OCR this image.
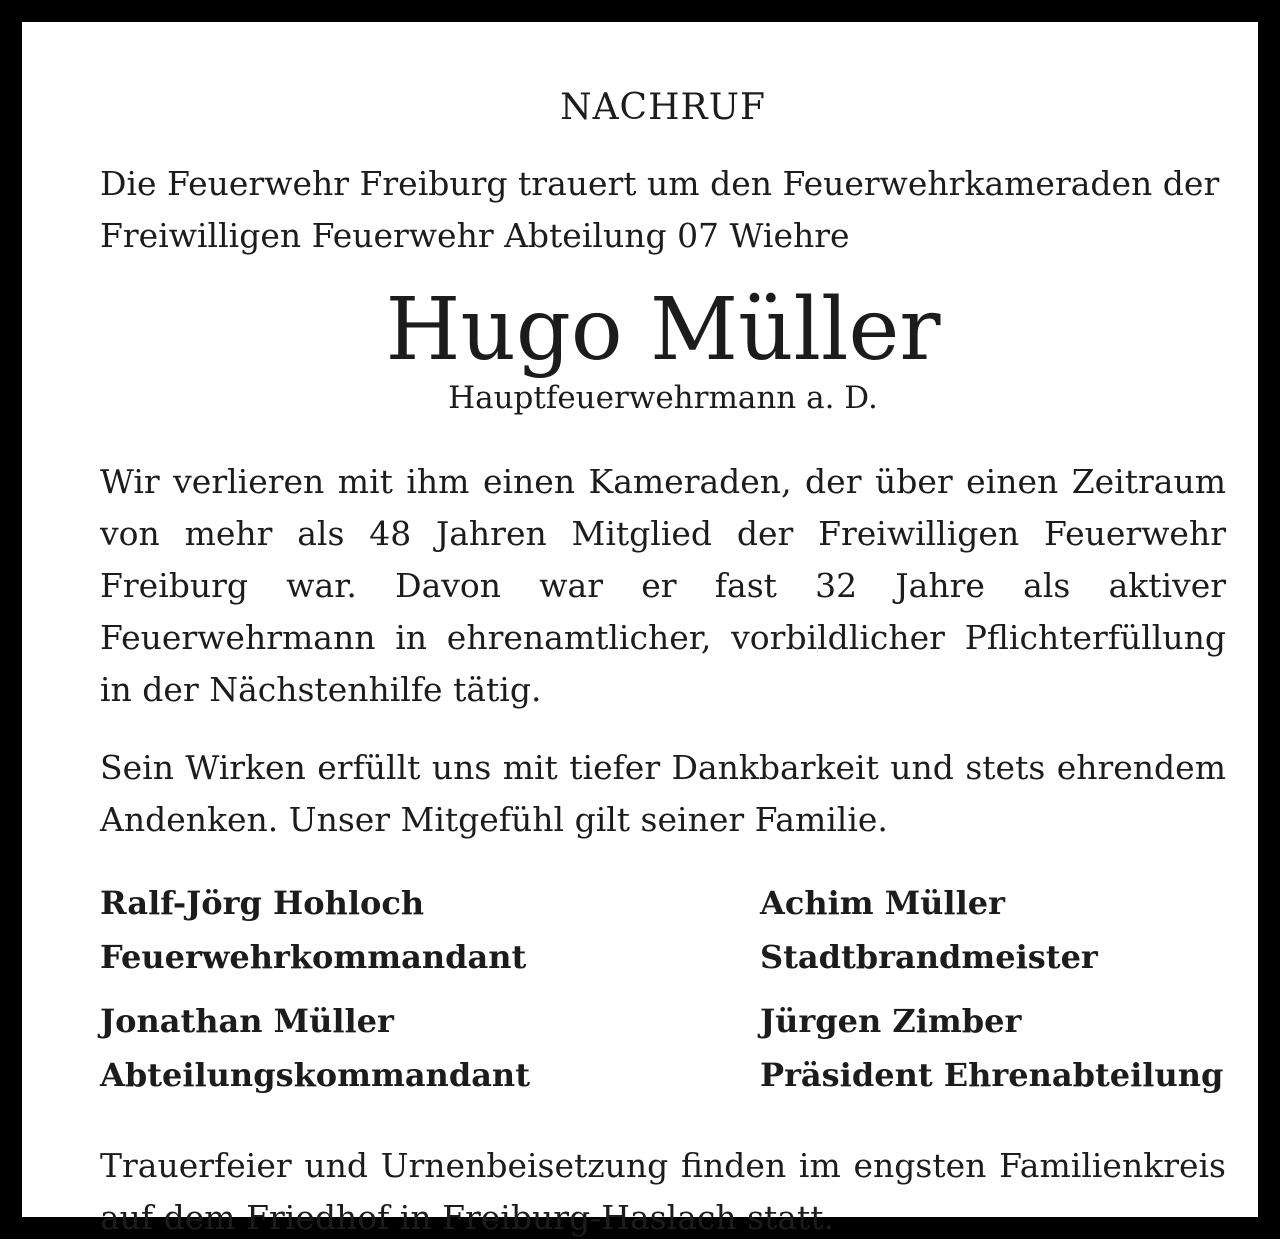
NACHRUF

Die Feuerwehr Freiburg trauert um den Feuerwehrkameraden der
Freiwilligen Feuerwehr Abteilung 07 Wiehre

Hugo Müller

Hauptfeuerwehrmann a. D.

Wir verlieren mit ihm einen Kameraden, der über einen Zeitraum von mehr als 48 Jahren Mitglied der Freiwilligen Feuerwehr Freiburg war. Davon war er fast 32 Jahre als aktiver Feuerwehrmann in ehrenamtlicher, vorbildlicher Pflichterfüllung in der Nächstenhilfe tätig.

Sein Wirken erfüllt uns mit tiefer Dankbarkeit und stets ehrendem Andenken. Unser Mitgefühl gilt seiner Familie.

Ralf-Jörg Hohloch
Feuerwehrkommandant
Achim Müller
Stadtbrandmeister
Jonathan Müller
Abteilungskommandant
Jürgen Zimber
Präsident Ehrenabteilung

Trauerfeier und Urnenbeisetzung finden im engsten Familienkreis auf dem Friedhof in Freiburg-Haslach statt.
